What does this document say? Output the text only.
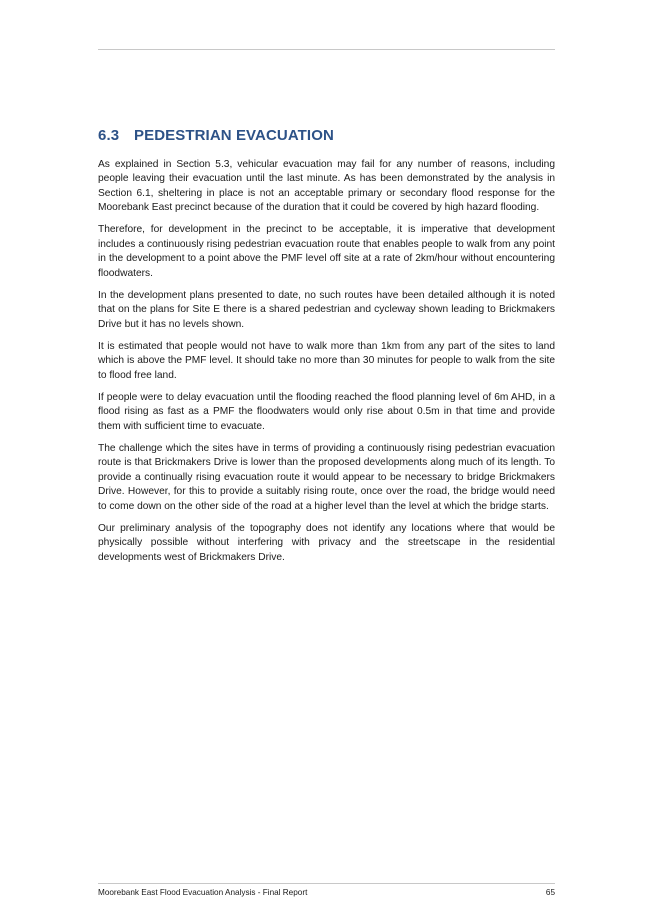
6.3 PEDESTRIAN EVACUATION

As explained in Section 5.3, vehicular evacuation may fail for any number of reasons, including people leaving their evacuation until the last minute. As has been demonstrated by the analysis in Section 6.1, sheltering in place is not an acceptable primary or secondary flood response for the Moorebank East precinct because of the duration that it could be covered by high hazard flooding.

Therefore, for development in the precinct to be acceptable, it is imperative that development includes a continuously rising pedestrian evacuation route that enables people to walk from any point in the development to a point above the PMF level off site at a rate of 2km/hour without encountering floodwaters.

In the development plans presented to date, no such routes have been detailed although it is noted that on the plans for Site E there is a shared pedestrian and cycleway shown leading to Brickmakers Drive but it has no levels shown.

It is estimated that people would not have to walk more than 1km from any part of the sites to land which is above the PMF level. It should take no more than 30 minutes for people to walk from the site to flood free land.

If people were to delay evacuation until the flooding reached the flood planning level of 6m AHD, in a flood rising as fast as a PMF the floodwaters would only rise about 0.5m in that time and provide them with sufficient time to evacuate.

The challenge which the sites have in terms of providing a continuously rising pedestrian evacuation route is that Brickmakers Drive is lower than the proposed developments along much of its length. To provide a continually rising evacuation route it would appear to be necessary to bridge Brickmakers Drive. However, for this to provide a suitably rising route, once over the road, the bridge would need to come down on the other side of the road at a higher level than the level at which the bridge starts.

Our preliminary analysis of the topography does not identify any locations where that would be physically possible without interfering with privacy and the streetscape in the residential developments west of Brickmakers Drive.

Moorebank East Flood Evacuation Analysis - Final Report	65
